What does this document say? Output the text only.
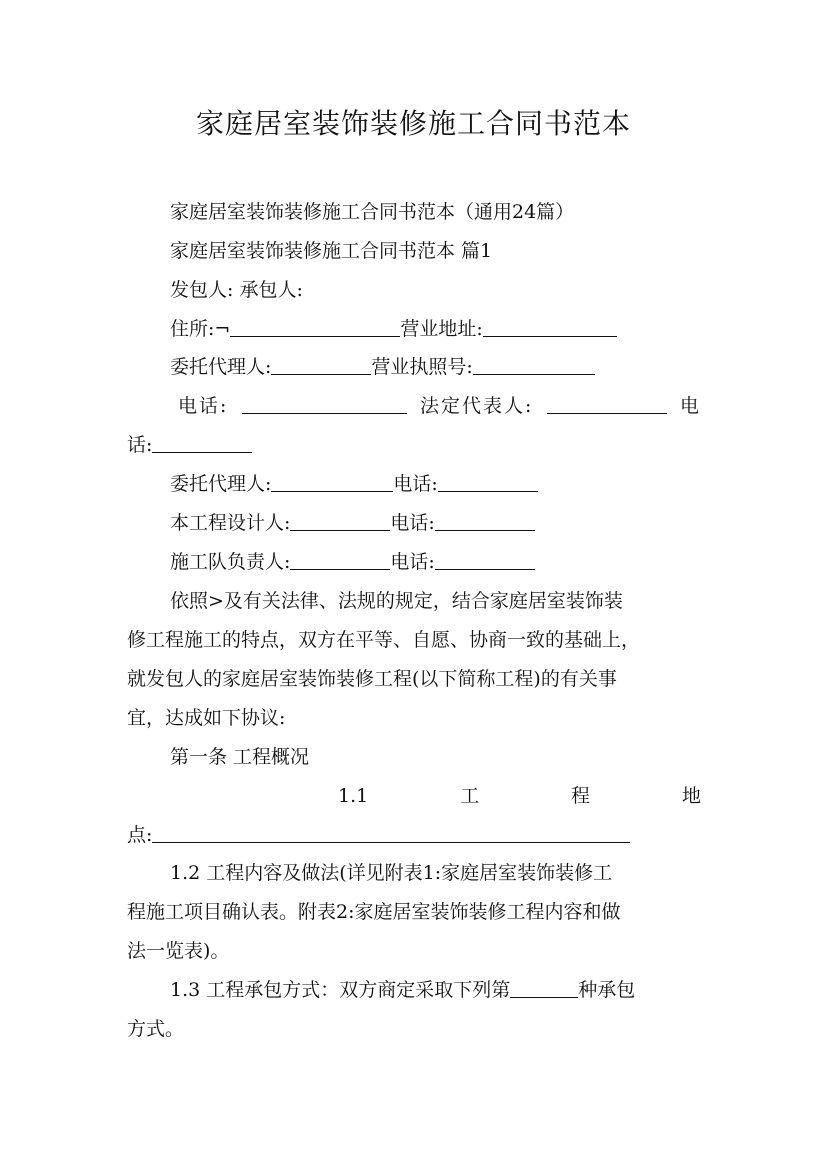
家庭居室装饰装修施工合同书范本
家庭居室装饰装修施工合同书范本（通用24篇）
家庭居室装饰装修施工合同书范本 篇1
发包人: 承包人:
住所:¬	营业地址:
委托代理人:	营业执照号:
电话:	法定代表人:	电
话:
委托代理人:	电话:
本工程设计人:	电话:
施工队负责人:	电话:
依照>及有关法律、法规的规定，结合家庭居室装饰装
修工程施工的特点，双方在平等、自愿、协商一致的基础上，
就发包人的家庭居室装饰装修工程(以下简称工程)的有关事
宜，达成如下协议:
第一条 工程概况
1.1	工	程	地
点:
1.2 工程内容及做法(详见附表1:家庭居室装饰装修工
程施工项目确认表。附表2:家庭居室装饰装修工程内容和做
法一览表)。
1.3 工程承包方式：双方商定采取下列第	种承包
方式。
